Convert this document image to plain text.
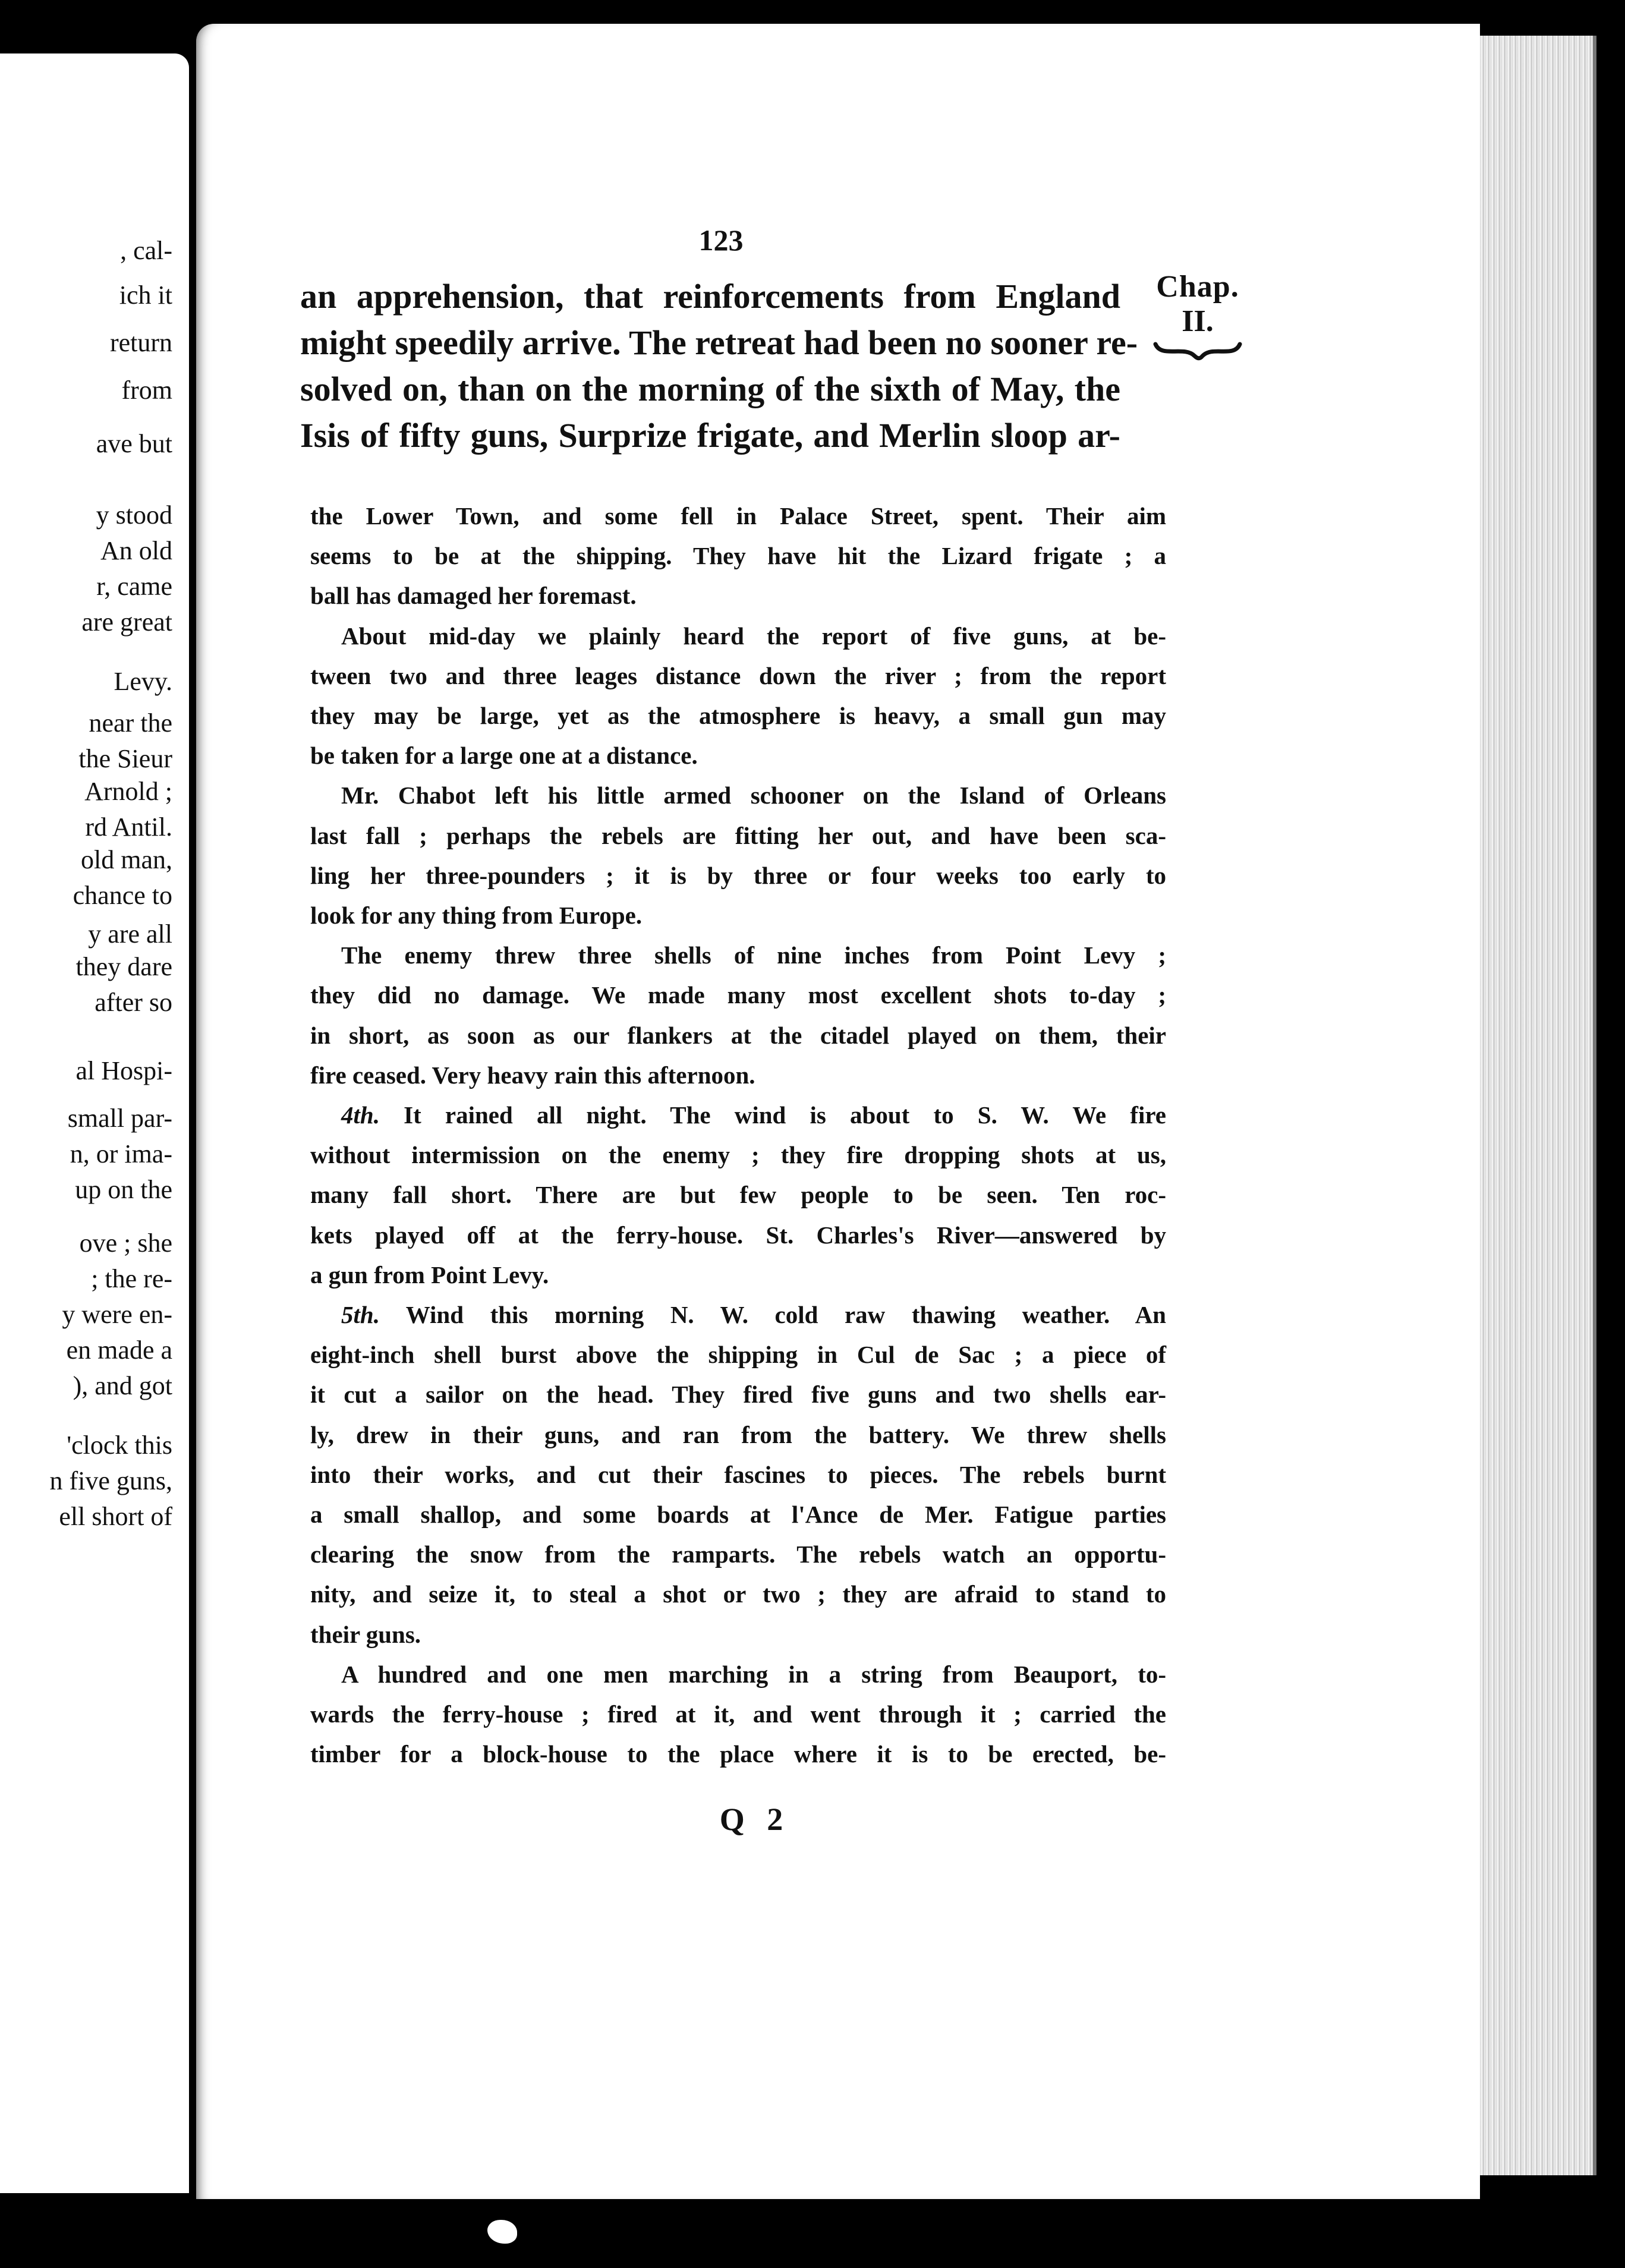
, cal-
ich it
return
from
ave but
y stood
An old
r, came
are great
Levy.
near the
the Sieur
Arnold ;
rd Antil.
old man,
chance to
y are all
they dare
after so
al Hospi-
small par-
n, or ima-
up on the
ove ; she
; the re-
y were en-
en made a
), and got
'clock this
n five guns,
ell short of
123
Chap.
II.
an apprehension, that reinforcements from England
might speedily arrive. The retreat had been no sooner re-
solved on, than on the morning of the sixth of May, the
Isis of fifty guns, Surprize frigate, and Merlin sloop ar-
the Lower Town, and some fell in Palace Street, spent. Their aim
seems to be at the shipping. They have hit the Lizard frigate ; a
ball has damaged her foremast.
About mid-day we plainly heard the report of five guns, at be-
tween two and three leages distance down the river ; from the report
they may be large, yet as the atmosphere is heavy, a small gun may
be taken for a large one at a distance.
Mr. Chabot left his little armed schooner on the Island of Orleans
last fall ; perhaps the rebels are fitting her out, and have been sca-
ling her three-pounders ; it is by three or four weeks too early to
look for any thing from Europe.
The enemy threw three shells of nine inches from Point Levy ;
they did no damage. We made many most excellent shots to-day ;
in short, as soon as our flankers at the citadel played on them, their
fire ceased. Very heavy rain this afternoon.
4th. It rained all night. The wind is about to S. W. We fire
without intermission on the enemy ; they fire dropping shots at us,
many fall short. There are but few people to be seen. Ten roc-
kets played off at the ferry-house. St. Charles's River—answered by
a gun from Point Levy.
5th. Wind this morning N. W. cold raw thawing weather. An
eight-inch shell burst above the shipping in Cul de Sac ; a piece of
it cut a sailor on the head. They fired five guns and two shells ear-
ly, drew in their guns, and ran from the battery. We threw shells
into their works, and cut their fascines to pieces. The rebels burnt
a small shallop, and some boards at l'Ance de Mer. Fatigue parties
clearing the snow from the ramparts. The rebels watch an opportu-
nity, and seize it, to steal a shot or two ; they are afraid to stand to
their guns.
A hundred and one men marching in a string from Beauport, to-
wards the ferry-house ; fired at it, and went through it ; carried the
timber for a block-house to the place where it is to be erected, be-
Q 2
